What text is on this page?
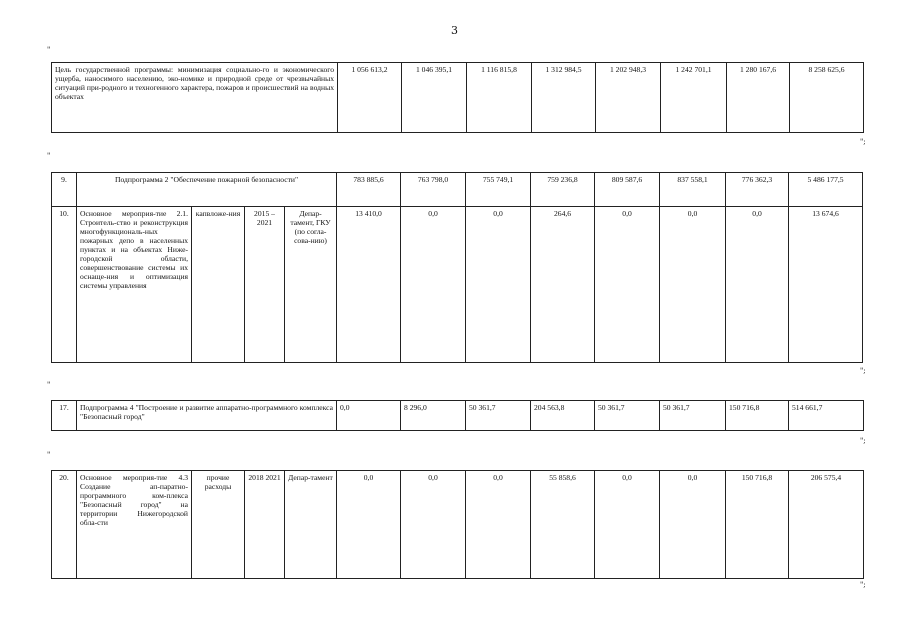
3
"
";
"
";
"
";
"
";
Цель государственной программы: минимизация социально-го и экономического ущерба, наносимого населению, эко-номике и природной среде от чрезвычайных ситуаций при-родного и техногенного характера, пожаров и происшествий на водных объектах	1 056 613,2	1 046 395,1	1 116 815,8	1 312 984,5	1 202 948,3	1 242 701,1	1 280 167,6	8 258 625,6
9.	Подпрограмма 2 "Обеспечение пожарной безопасности"				783 885,6	763 798,0	755 749,1	759 236,8	809 587,6	837 558,1	776 362,3	5 486 177,5
10.	Основное мероприя-тие 2.1. Строитель-ство и реконструкция многофункциональ-ных пожарных депо в населенных пунктах и на объектах Ниже-городской области, совершенствование системы их оснаще-ния и оптимизация системы управления	капвложе-ния	2015 – 2021	Депар-тамент, ГКУ (по согла-сова-нию)	13 410,0	0,0	0,0	264,6	0,0	0,0	0,0	13 674,6
17.	Подпрограмма 4 "Построение и развитие аппаратно-программного комплекса "Безопасный город"	0,0	8 296,0	50 361,7	204 563,8	50 361,7	50 361,7	150 716,8	514 661,7
20.	Основное мероприя-тие 4.3 Создание ап-паратно-программного ком-плекса "Безопасный город" на территории Нижегородской обла-сти	прочие расходы	2018 2021	Депар-тамент	0,0	0,0	0,0	55 858,6	0,0	0,0	150 716,8	206 575,4
